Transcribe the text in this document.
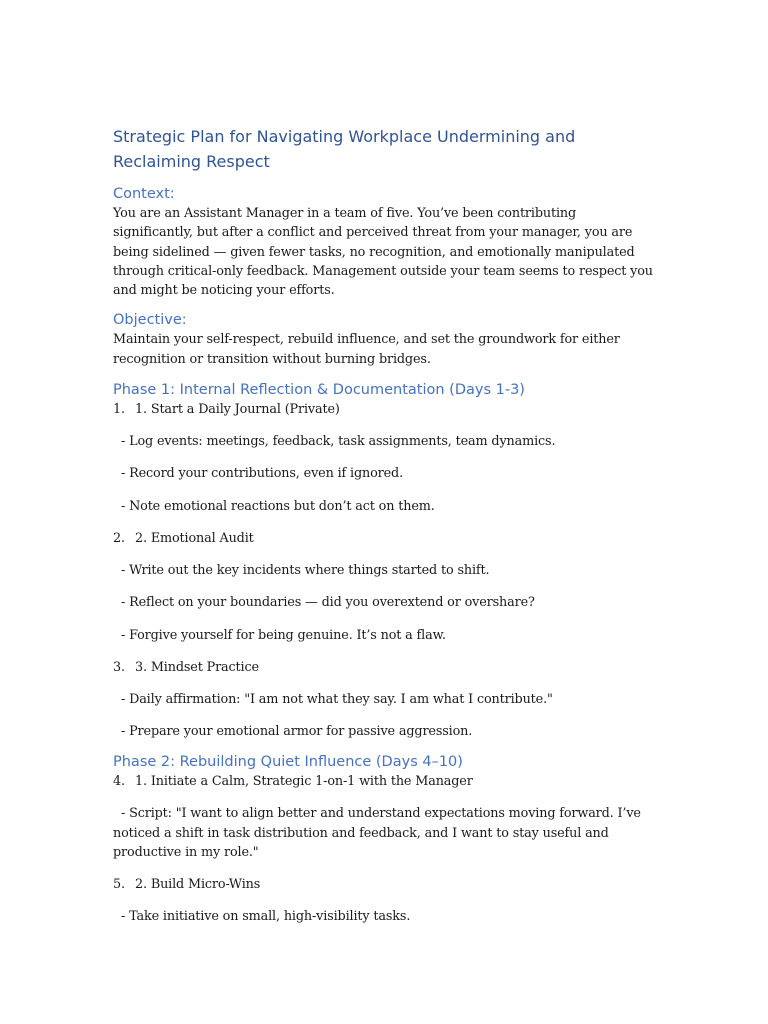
Strategic Plan for Navigating Workplace Undermining and Reclaiming Respect
Context:

You are an Assistant Manager in a team of five. You’ve been contributing significantly, but after a conflict and perceived threat from your manager, you are being sidelined — given fewer tasks, no recognition, and emotionally manipulated through critical-only feedback. Management outside your team seems to respect you and might be noticing your efforts.

Objective:

Maintain your self-respect, rebuild influence, and set the groundwork for either recognition or transition without burning bridges.

Phase 1: Internal Reflection & Documentation (Days 1-3)
1. 1. Start a Daily Journal (Private)

- Log events: meetings, feedback, task assignments, team dynamics.

- Record your contributions, even if ignored.

- Note emotional reactions but don’t act on them.

2. 2. Emotional Audit

- Write out the key incidents where things started to shift.

- Reflect on your boundaries — did you overextend or overshare?

- Forgive yourself for being genuine. It’s not a flaw.

3. 3. Mindset Practice

- Daily affirmation: "I am not what they say. I am what I contribute."

- Prepare your emotional armor for passive aggression.

Phase 2: Rebuilding Quiet Influence (Days 4–10)
4. 1. Initiate a Calm, Strategic 1-on-1 with the Manager

- Script: "I want to align better and understand expectations moving forward. I’ve noticed a shift in task distribution and feedback, and I want to stay useful and productive in my role."

5. 2. Build Micro-Wins

- Take initiative on small, high-visibility tasks.
